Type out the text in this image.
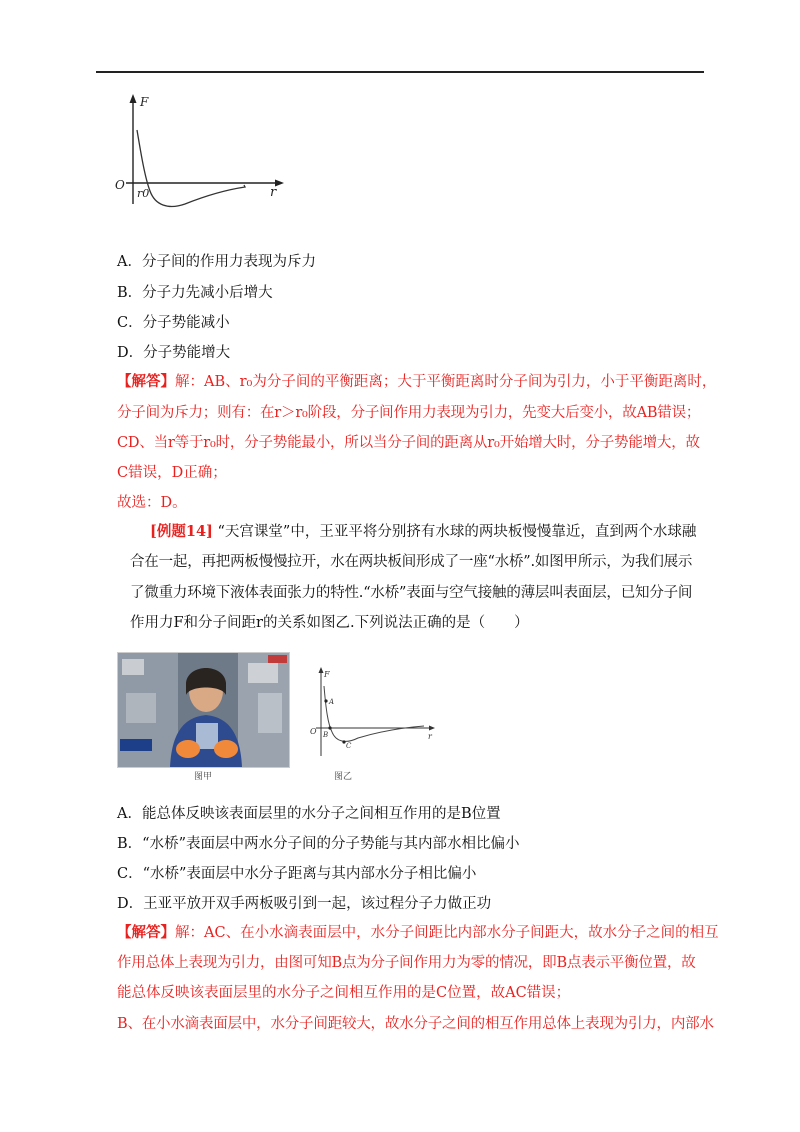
F
r
O
r0
A．分子间的作用力表现为斥力
B．分子力先减小后增大
C．分子势能减小
D．分子势能增大
【解答】解：AB、r₀为分子间的平衡距离；大于平衡距离时分子间为引力，小于平衡距离时，
分子间为斥力；则有：在r＞r₀阶段，分子间作用力表现为引力，先变大后变小，故AB错误；
CD、当r等于r₀时，分子势能最小，所以当分子间的距离从r₀开始增大时，分子势能增大，故
C错误，D正确；
故选：D。
[例题14] “天宫课堂”中，王亚平将分别挤有水球的两块板慢慢靠近，直到两个水球融
合在一起，再把两板慢慢拉开，水在两块板间形成了一座“水桥”.如图甲所示，为我们展示
了微重力环境下液体表面张力的特性.“水桥”表面与空气接触的薄层叫表面层，已知分子间
作用力F和分子间距r的关系如图乙.下列说法正确的是（　　）
图甲
F
r
O
A
B
C
图乙
A．能总体反映该表面层里的水分子之间相互作用的是B位置
B．“水桥”表面层中两水分子间的分子势能与其内部水相比偏小
C．“水桥”表面层中水分子距离与其内部水分子相比偏小
D．王亚平放开双手两板吸引到一起，该过程分子力做正功
【解答】解：AC、在小水滴表面层中，水分子间距比内部水分子间距大，故水分子之间的相互
作用总体上表现为引力，由图可知B点为分子间作用力为零的情况，即B点表示平衡位置，故
能总体反映该表面层里的水分子之间相互作用的是C位置，故AC错误；
B、在小水滴表面层中，水分子间距较大，故水分子之间的相互作用总体上表现为引力，内部水
